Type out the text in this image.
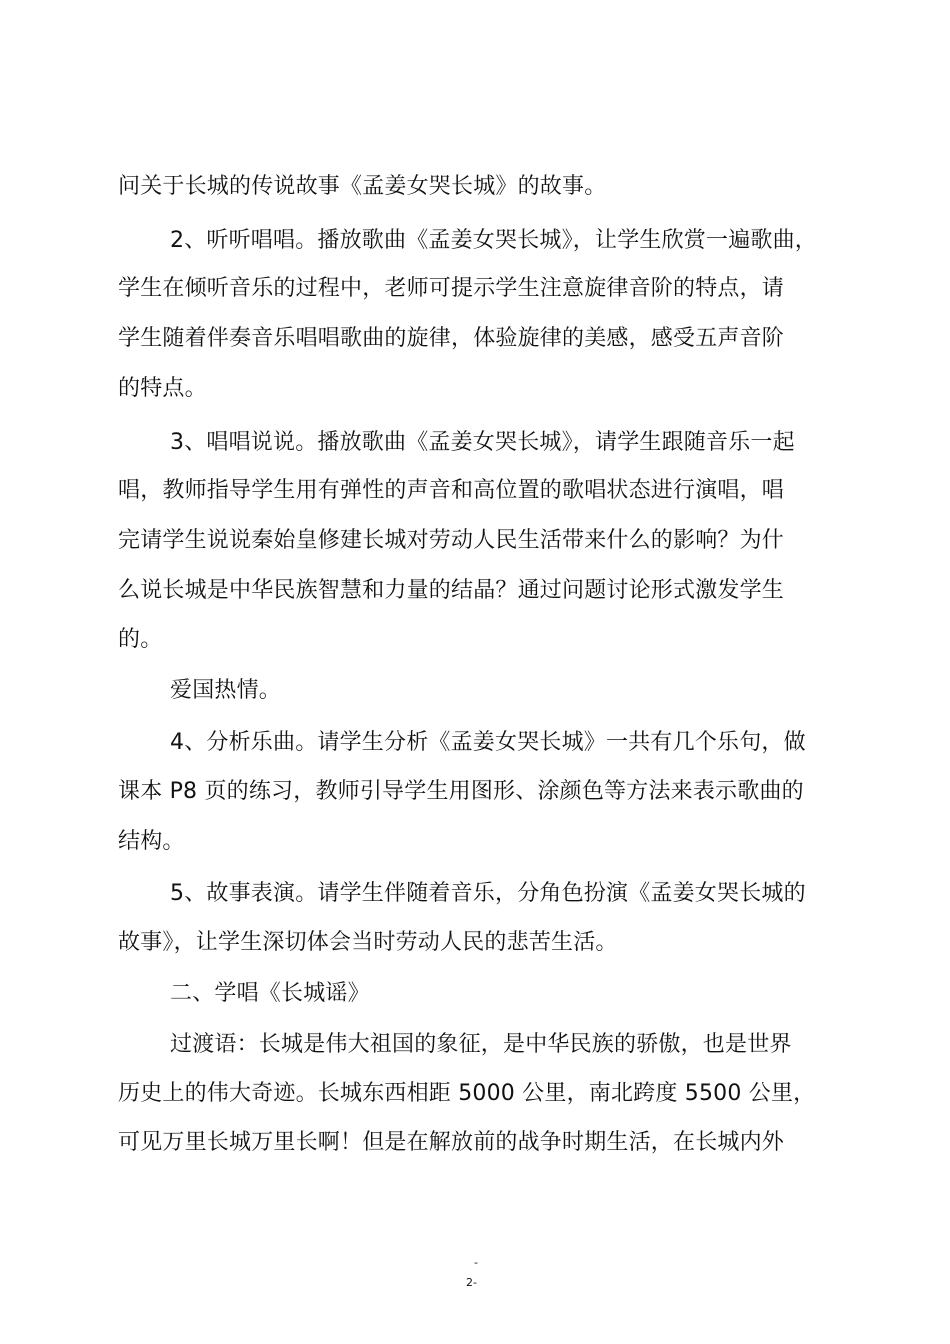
问关于长城的传说故事《孟姜女哭长城》的故事。
2、听听唱唱。播放歌曲《孟姜女哭长城》，让学生欣赏一遍歌曲，
学生在倾听音乐的过程中，老师可提示学生注意旋律音阶的特点，请
学生随着伴奏音乐唱唱歌曲的旋律，体验旋律的美感，感受五声音阶
的特点。
3、唱唱说说。播放歌曲《孟姜女哭长城》，请学生跟随音乐一起
唱，教师指导学生用有弹性的声音和高位置的歌唱状态进行演唱，唱
完请学生说说秦始皇修建长城对劳动人民生活带来什么的影响？为什
么说长城是中华民族智慧和力量的结晶？通过问题讨论形式激发学生
的。
爱国热情。
4、分析乐曲。请学生分析《孟姜女哭长城》一共有几个乐句，做
课本 P8 页的练习，教师引导学生用图形、涂颜色等方法来表示歌曲的
结构。
5、故事表演。请学生伴随着音乐，分角色扮演《孟姜女哭长城的
故事》，让学生深切体会当时劳动人民的悲苦生活。
二、学唱《长城谣》
过渡语：长城是伟大祖国的象征，是中华民族的骄傲，也是世界
历史上的伟大奇迹。长城东西相距 5000 公里，南北跨度 5500 公里，
可见万里长城万里长啊！但是在解放前的战争时期生活，在长城内外
-
2-
